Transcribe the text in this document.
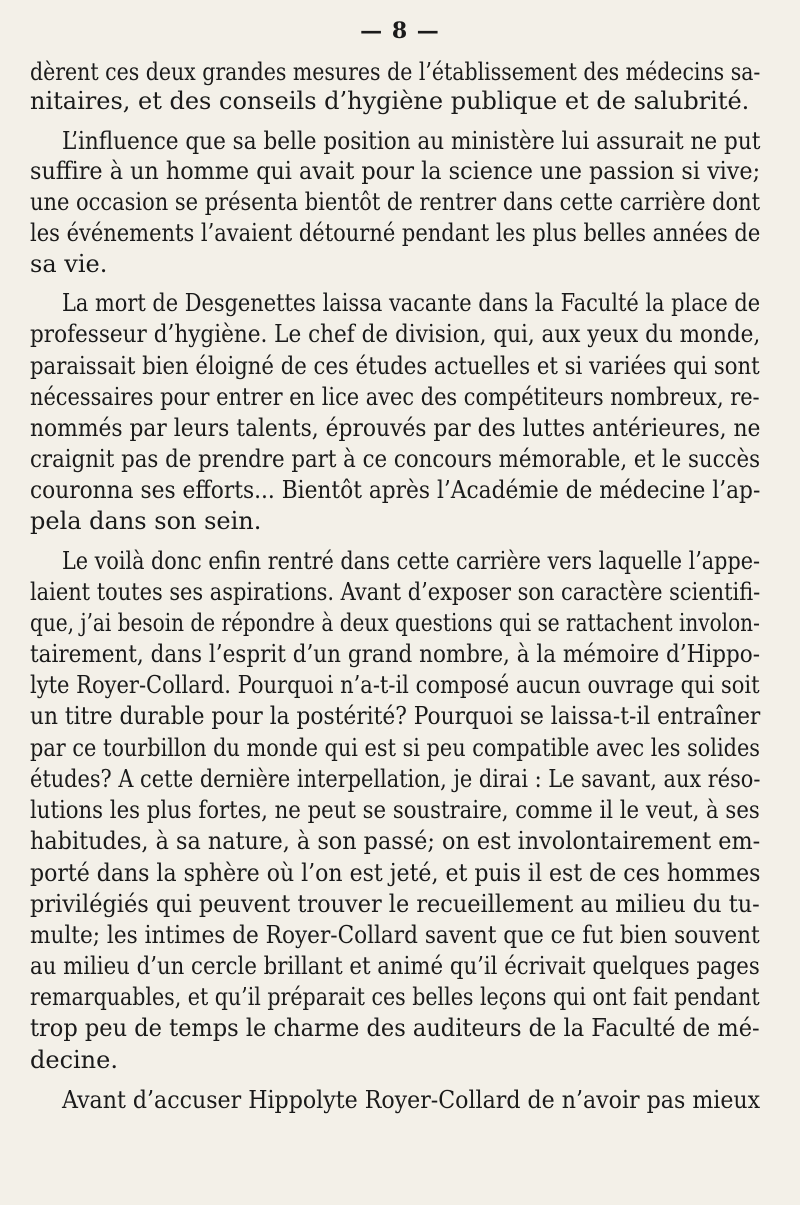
— 8 —
dèrent ces deux grandes mesures de l’établissement des médecins sa-
nitaires, et des conseils d’hygiène publique et de salubrité.
L’influence que sa belle position au ministère lui assurait ne put
suffire à un homme qui avait pour la science une passion si vive;
une occasion se présenta bientôt de rentrer dans cette carrière dont
les événements l’avaient détourné pendant les plus belles années de
sa vie.
La mort de Desgenettes laissa vacante dans la Faculté la place de
professeur d’hygiène. Le chef de division, qui, aux yeux du monde,
paraissait bien éloigné de ces études actuelles et si variées qui sont
nécessaires pour entrer en lice avec des compétiteurs nombreux, re-
nommés par leurs talents, éprouvés par des luttes antérieures, ne
craignit pas de prendre part à ce concours mémorable, et le succès
couronna ses efforts... Bientôt après l’Académie de médecine l’ap-
pela dans son sein.
Le voilà donc enfin rentré dans cette carrière vers laquelle l’appe-
laient toutes ses aspirations. Avant d’exposer son caractère scientifi-
que, j’ai besoin de répondre à deux questions qui se rattachent involon-
tairement, dans l’esprit d’un grand nombre, à la mémoire d’Hippo-
lyte Royer-Collard. Pourquoi n’a-t-il composé aucun ouvrage qui soit
un titre durable pour la postérité? Pourquoi se laissa-t-il entraîner
par ce tourbillon du monde qui est si peu compatible avec les solides
études? A cette dernière interpellation, je dirai : Le savant, aux réso-
lutions les plus fortes, ne peut se soustraire, comme il le veut, à ses
habitudes, à sa nature, à son passé; on est involontairement em-
porté dans la sphère où l’on est jeté, et puis il est de ces hommes
privilégiés qui peuvent trouver le recueillement au milieu du tu-
multe; les intimes de Royer-Collard savent que ce fut bien souvent
au milieu d’un cercle brillant et animé qu’il écrivait quelques pages
remarquables, et qu’il préparait ces belles leçons qui ont fait pendant
trop peu de temps le charme des auditeurs de la Faculté de mé-
decine.
Avant d’accuser Hippolyte Royer-Collard de n’avoir pas mieux
